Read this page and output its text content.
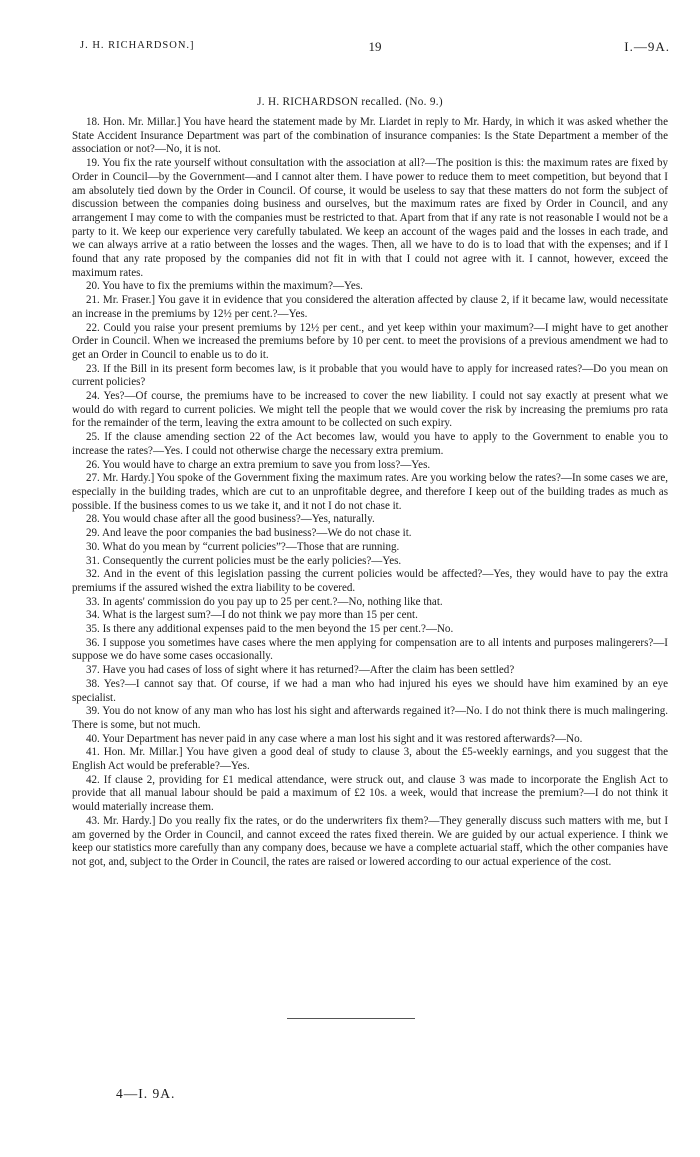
J. H. RICHARDSON.]	19	I.—9A.
J. H. RICHARDSON recalled. (No. 9.)

18. Hon. Mr. Millar.] You have heard the statement made by Mr. Liardet in reply to Mr. Hardy, in which it was asked whether the State Accident Insurance Department was part of the combination of insurance companies: Is the State Department a member of the association or not?—No, it is not.

19. You fix the rate yourself without consultation with the association at all?—The position is this: the maximum rates are fixed by Order in Council—by the Government—and I cannot alter them. I have power to reduce them to meet competition, but beyond that I am absolutely tied down by the Order in Council. Of course, it would be useless to say that these matters do not form the subject of discussion between the companies doing business and ourselves, but the maximum rates are fixed by Order in Council, and any arrangement I may come to with the companies must be restricted to that. Apart from that if any rate is not reasonable I would not be a party to it. We keep our experience very carefully tabulated. We keep an account of the wages paid and the losses in each trade, and we can always arrive at a ratio between the losses and the wages. Then, all we have to do is to load that with the expenses; and if I found that any rate proposed by the companies did not fit in with that I could not agree with it. I cannot, however, exceed the maximum rates.

20. You have to fix the premiums within the maximum?—Yes.

21. Mr. Fraser.] You gave it in evidence that you considered the alteration affected by clause 2, if it became law, would necessitate an increase in the premiums by 12½ per cent.?—Yes.

22. Could you raise your present premiums by 12½ per cent., and yet keep within your maximum?—I might have to get another Order in Council. When we increased the premiums before by 10 per cent. to meet the provisions of a previous amendment we had to get an Order in Council to enable us to do it.

23. If the Bill in its present form becomes law, is it probable that you would have to apply for increased rates?—Do you mean on current policies?

24. Yes?—Of course, the premiums have to be increased to cover the new liability. I could not say exactly at present what we would do with regard to current policies. We might tell the people that we would cover the risk by increasing the premiums pro rata for the remainder of the term, leaving the extra amount to be collected on such expiry.

25. If the clause amending section 22 of the Act becomes law, would you have to apply to the Government to enable you to increase the rates?—Yes. I could not otherwise charge the necessary extra premium.

26. You would have to charge an extra premium to save you from loss?—Yes.

27. Mr. Hardy.] You spoke of the Government fixing the maximum rates. Are you working below the rates?—In some cases we are, especially in the building trades, which are cut to an unprofitable degree, and therefore I keep out of the building trades as much as possible. If the business comes to us we take it, and it not I do not chase it.

28. You would chase after all the good business?—Yes, naturally.

29. And leave the poor companies the bad business?—We do not chase it.

30. What do you mean by “current policies”?—Those that are running.

31. Consequently the current policies must be the early policies?—Yes.

32. And in the event of this legislation passing the current policies would be affected?—Yes, they would have to pay the extra premiums if the assured wished the extra liability to be covered.

33. In agents' commission do you pay up to 25 per cent.?—No, nothing like that.

34. What is the largest sum?—I do not think we pay more than 15 per cent.

35. Is there any additional expenses paid to the men beyond the 15 per cent.?—No.

36. I suppose you sometimes have cases where the men applying for compensation are to all intents and purposes malingerers?—I suppose we do have some cases occasionally.

37. Have you had cases of loss of sight where it has returned?—After the claim has been settled?

38. Yes?—I cannot say that. Of course, if we had a man who had injured his eyes we should have him examined by an eye specialist.

39. You do not know of any man who has lost his sight and afterwards regained it?—No. I do not think there is much malingering. There is some, but not much.

40. Your Department has never paid in any case where a man lost his sight and it was restored afterwards?—No.

41. Hon. Mr. Millar.] You have given a good deal of study to clause 3, about the £5-weekly earnings, and you suggest that the English Act would be preferable?—Yes.

42. If clause 2, providing for £1 medical attendance, were struck out, and clause 3 was made to incorporate the English Act to provide that all manual labour should be paid a maximum of £2 10s. a week, would that increase the premium?—I do not think it would materially increase them.

43. Mr. Hardy.] Do you really fix the rates, or do the underwriters fix them?—They generally discuss such matters with me, but I am governed by the Order in Council, and cannot exceed the rates fixed therein. We are guided by our actual experience. I think we keep our statistics more carefully than any company does, because we have a complete actuarial staff, which the other companies have not got, and, subject to the Order in Council, the rates are raised or lowered according to our actual experience of the cost.

4—I. 9A.
